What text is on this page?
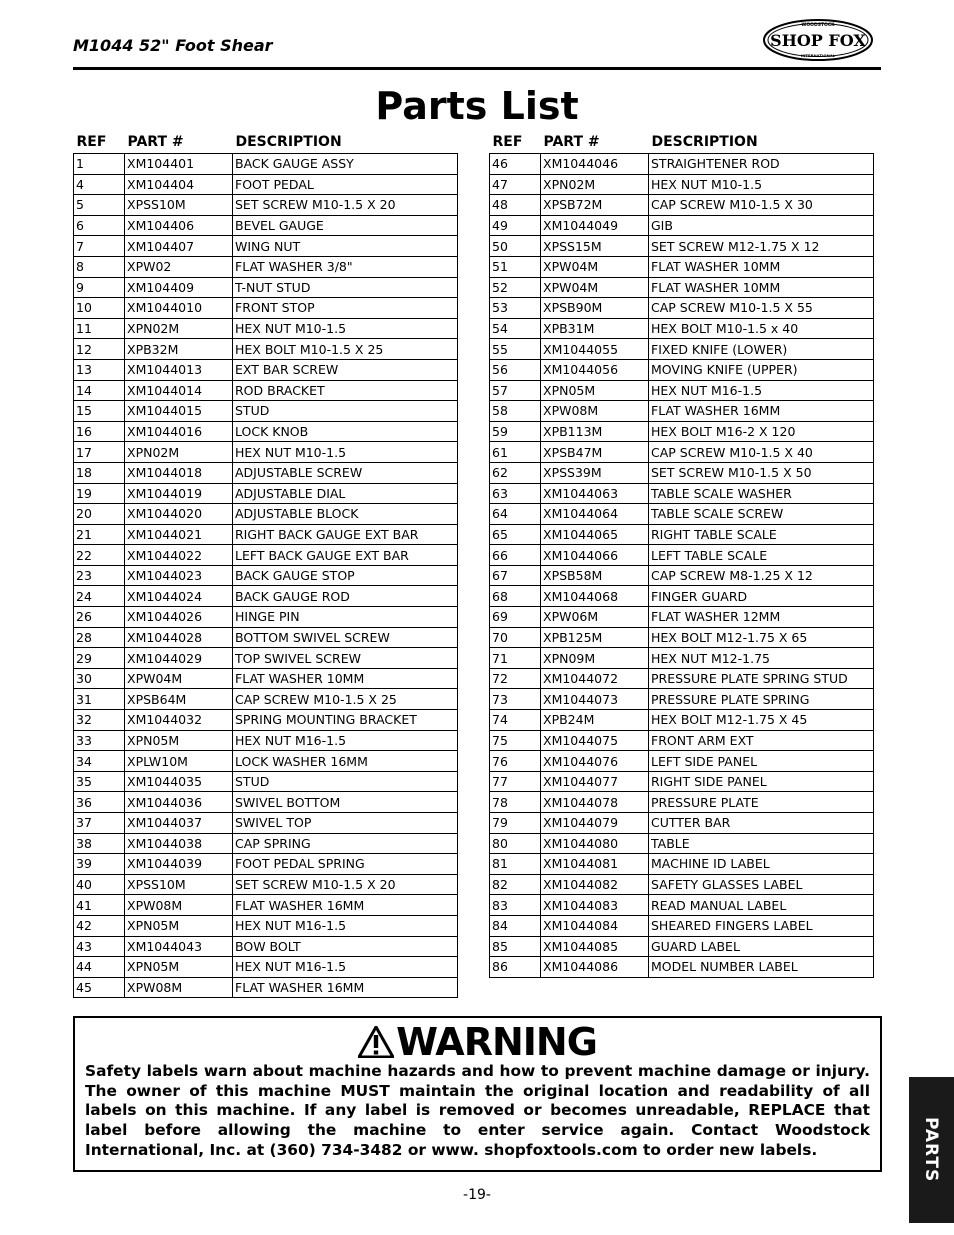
M1044 52" Foot Shear
WOODSTOCK
SHOP FOX
INTERNATIONAL
Parts List
REF	PART #	DESCRIPTION
1	XM104401	BACK GAUGE ASSY
4	XM104404	FOOT PEDAL
5	XPSS10M	SET SCREW M10-1.5 X 20
6	XM104406	BEVEL GAUGE
7	XM104407	WING NUT
8	XPW02	FLAT WASHER 3/8"
9	XM104409	T-NUT STUD
10	XM1044010	FRONT STOP
11	XPN02M	HEX NUT M10-1.5
12	XPB32M	HEX BOLT M10-1.5 X 25
13	XM1044013	EXT BAR SCREW
14	XM1044014	ROD BRACKET
15	XM1044015	STUD
16	XM1044016	LOCK KNOB
17	XPN02M	HEX NUT M10-1.5
18	XM1044018	ADJUSTABLE SCREW
19	XM1044019	ADJUSTABLE DIAL
20	XM1044020	ADJUSTABLE BLOCK
21	XM1044021	RIGHT BACK GAUGE EXT BAR
22	XM1044022	LEFT BACK GAUGE EXT BAR
23	XM1044023	BACK GAUGE STOP
24	XM1044024	BACK GAUGE ROD
26	XM1044026	HINGE PIN
28	XM1044028	BOTTOM SWIVEL SCREW
29	XM1044029	TOP SWIVEL SCREW
30	XPW04M	FLAT WASHER 10MM
31	XPSB64M	CAP SCREW M10-1.5 X 25
32	XM1044032	SPRING MOUNTING BRACKET
33	XPN05M	HEX NUT M16-1.5
34	XPLW10M	LOCK WASHER 16MM
35	XM1044035	STUD
36	XM1044036	SWIVEL BOTTOM
37	XM1044037	SWIVEL TOP
38	XM1044038	CAP SPRING
39	XM1044039	FOOT PEDAL SPRING
40	XPSS10M	SET SCREW M10-1.5 X 20
41	XPW08M	FLAT WASHER 16MM
42	XPN05M	HEX NUT M16-1.5
43	XM1044043	BOW BOLT
44	XPN05M	HEX NUT M16-1.5
45	XPW08M	FLAT WASHER 16MM
REF	PART #	DESCRIPTION
46	XM1044046	STRAIGHTENER ROD
47	XPN02M	HEX NUT M10-1.5
48	XPSB72M	CAP SCREW M10-1.5 X 30
49	XM1044049	GIB
50	XPSS15M	SET SCREW M12-1.75 X 12
51	XPW04M	FLAT WASHER 10MM
52	XPW04M	FLAT WASHER 10MM
53	XPSB90M	CAP SCREW M10-1.5 X 55
54	XPB31M	HEX BOLT M10-1.5 x 40
55	XM1044055	FIXED KNIFE (LOWER)
56	XM1044056	MOVING KNIFE (UPPER)
57	XPN05M	HEX NUT M16-1.5
58	XPW08M	FLAT WASHER 16MM
59	XPB113M	HEX BOLT M16-2 X 120
61	XPSB47M	CAP SCREW M10-1.5 X 40
62	XPSS39M	SET SCREW M10-1.5 X 50
63	XM1044063	TABLE SCALE WASHER
64	XM1044064	TABLE SCALE SCREW
65	XM1044065	RIGHT TABLE SCALE
66	XM1044066	LEFT TABLE SCALE
67	XPSB58M	CAP SCREW M8-1.25 X 12
68	XM1044068	FINGER GUARD
69	XPW06M	FLAT WASHER 12MM
70	XPB125M	HEX BOLT M12-1.75 X 65
71	XPN09M	HEX NUT M12-1.75
72	XM1044072	PRESSURE PLATE SPRING STUD
73	XM1044073	PRESSURE PLATE SPRING
74	XPB24M	HEX BOLT M12-1.75 X 45
75	XM1044075	FRONT ARM EXT
76	XM1044076	LEFT SIDE PANEL
77	XM1044077	RIGHT SIDE PANEL
78	XM1044078	PRESSURE PLATE
79	XM1044079	CUTTER BAR
80	XM1044080	TABLE
81	XM1044081	MACHINE ID LABEL
82	XM1044082	SAFETY GLASSES LABEL
83	XM1044083	READ MANUAL LABEL
84	XM1044084	SHEARED FINGERS LABEL
85	XM1044085	GUARD LABEL
86	XM1044086	MODEL NUMBER LABEL
WARNING
Safety labels warn about machine hazards and how to prevent machine damage or injury. The owner of this machine MUST maintain the original location and readability of all labels on this machine. If any label is removed or becomes unreadable, REPLACE that label before allowing the machine to enter service again. Contact Woodstock International, Inc. at (360) 734-3482 or www. shopfoxtools.com to order new labels.	PARTS
-19-
